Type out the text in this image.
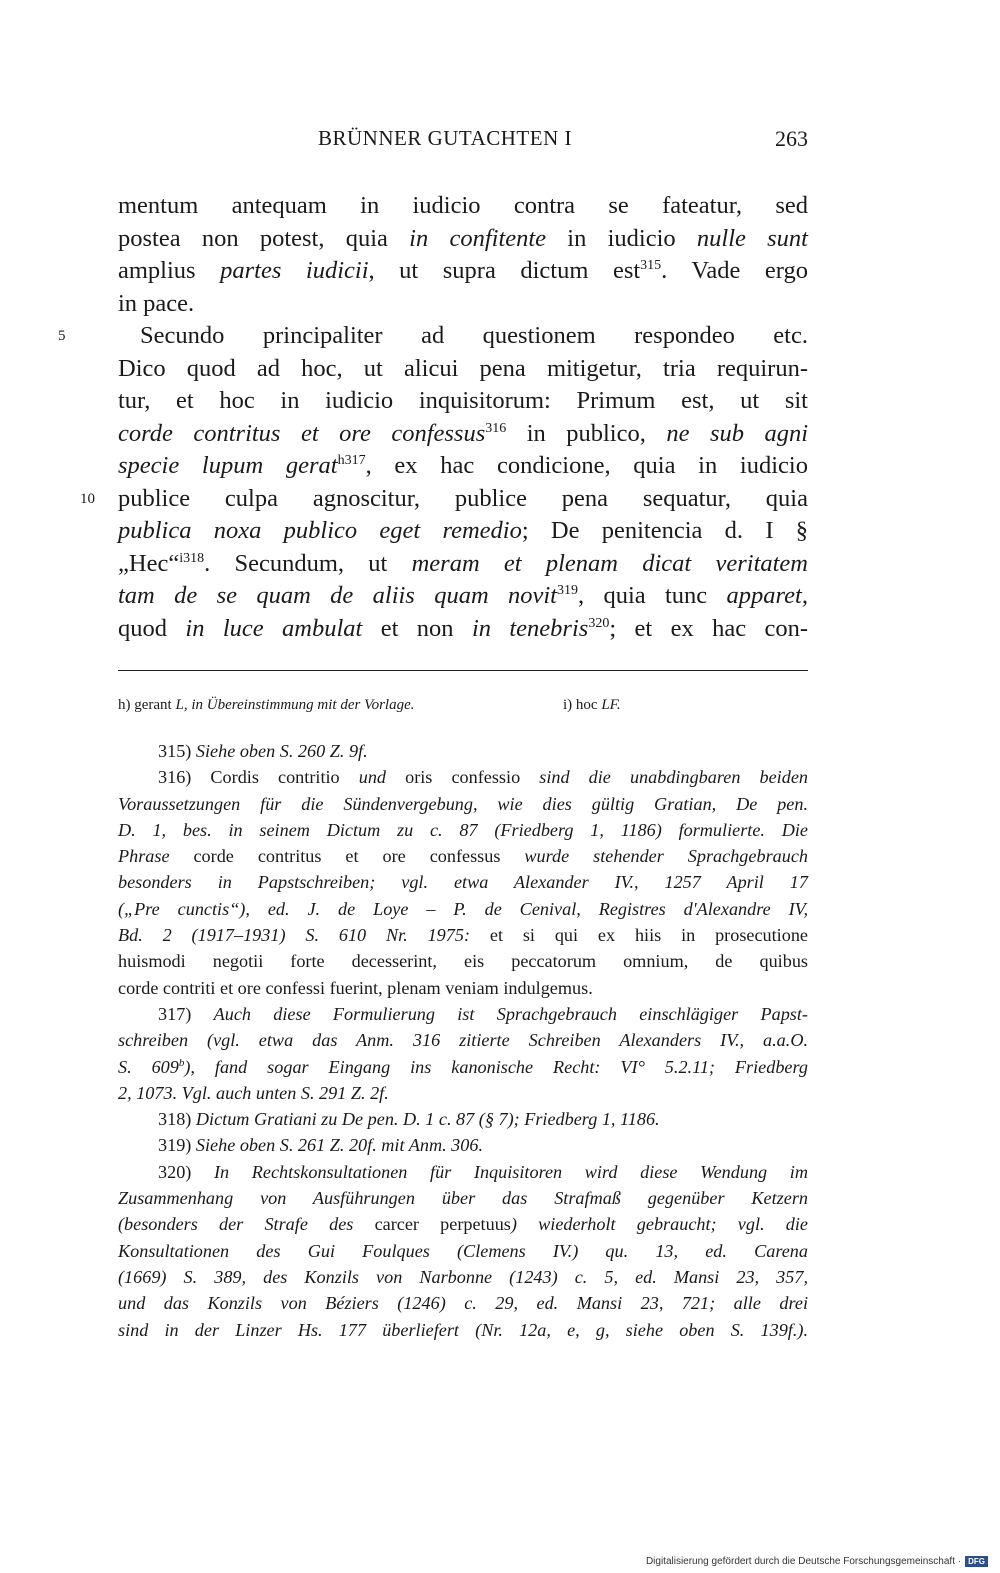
BRÜNNER GUTACHTEN I	263
mentum antequam in iudicio contra se fateatur, sed
postea non potest, quia in confitente in iudicio nulle sunt
amplius partes iudicii, ut supra dictum est$^{315}$. Vade ergo
in pace.
5	Secundo principaliter ad questionem respondeo etc.
Dico quod ad hoc, ut alicui pena mitigetur, tria requirun-
tur, et hoc in iudicio inquisitorum: Primum est, ut sit
corde contritus et ore confessus$^{316}$ in publico, ne sub agni
specie lupum gerat$^{h317}$, ex hac condicione, quia in iudicio
10 publice culpa agnoscitur, publice pena sequatur, quia
publica noxa publico eget remedio; De penitencia d. I §
„Hec“$^{i318}$. Secundum, ut meram et plenam dicat veritatem
tam de se quam de aliis quam novit$^{319}$, quia tunc apparet,
quod in luce ambulat et non in tenebris$^{320}$; et ex hac con-
h) gerant L, in Übereinstimmung mit der Vorlage.	i) hoc LF.
315) Siehe oben S. 260 Z. 9f.
316) Cordis contritio und oris confessio sind die unabdingbaren beiden
Voraussetzungen für die Sündenvergebung, wie dies gültig Gratian, De pen.
D. 1, bes. in seinem Dictum zu c. 87 (Friedberg 1, 1186) formulierte. Die
Phrase corde contritus et ore confessus wurde stehender Sprachgebrauch
besonders in Papstschreiben; vgl. etwa Alexander IV., 1257 April 17
(„Pre cunctis“), ed. J. de Loye – P. de Cenival, Registres d'Alexandre IV,
Bd. 2 (1917–1931) S. 610 Nr. 1975: et si qui ex hiis in prosecutione
huismodi negotii forte decesserint, eis peccatorum omnium, de quibus
corde contriti et ore confessi fuerint, plenam veniam indulgemus.
317) Auch diese Formulierung ist Sprachgebrauch einschlägiger Papst-
schreiben (vgl. etwa das Anm. 316 zitierte Schreiben Alexanders IV., a.a.O.
S. 609$^b$), fand sogar Eingang ins kanonische Recht: VI° 5.2.11; Friedberg
2, 1073. Vgl. auch unten S. 291 Z. 2f.
318) Dictum Gratiani zu De pen. D. 1 c. 87 (§ 7); Friedberg 1, 1186.
319) Siehe oben S. 261 Z. 20f. mit Anm. 306.
320) In Rechtskonsultationen für Inquisitoren wird diese Wendung im
Zusammenhang von Ausführungen über das Strafmaß gegenüber Ketzern
(besonders der Strafe des carcer perpetuus) wiederholt gebraucht; vgl. die
Konsultationen des Gui Foulques (Clemens IV.) qu. 13, ed. Carena
(1669) S. 389, des Konzils von Narbonne (1243) c. 5, ed. Mansi 23, 357,
und das Konzils von Béziers (1246) c. 29, ed. Mansi 23, 721; alle drei
sind in der Linzer Hs. 177 überliefert (Nr. 12a, e, g, siehe oben S. 139f.).
Digitalisierung gefördert durch die Deutsche Forschungsgemeinschaft · DFG
